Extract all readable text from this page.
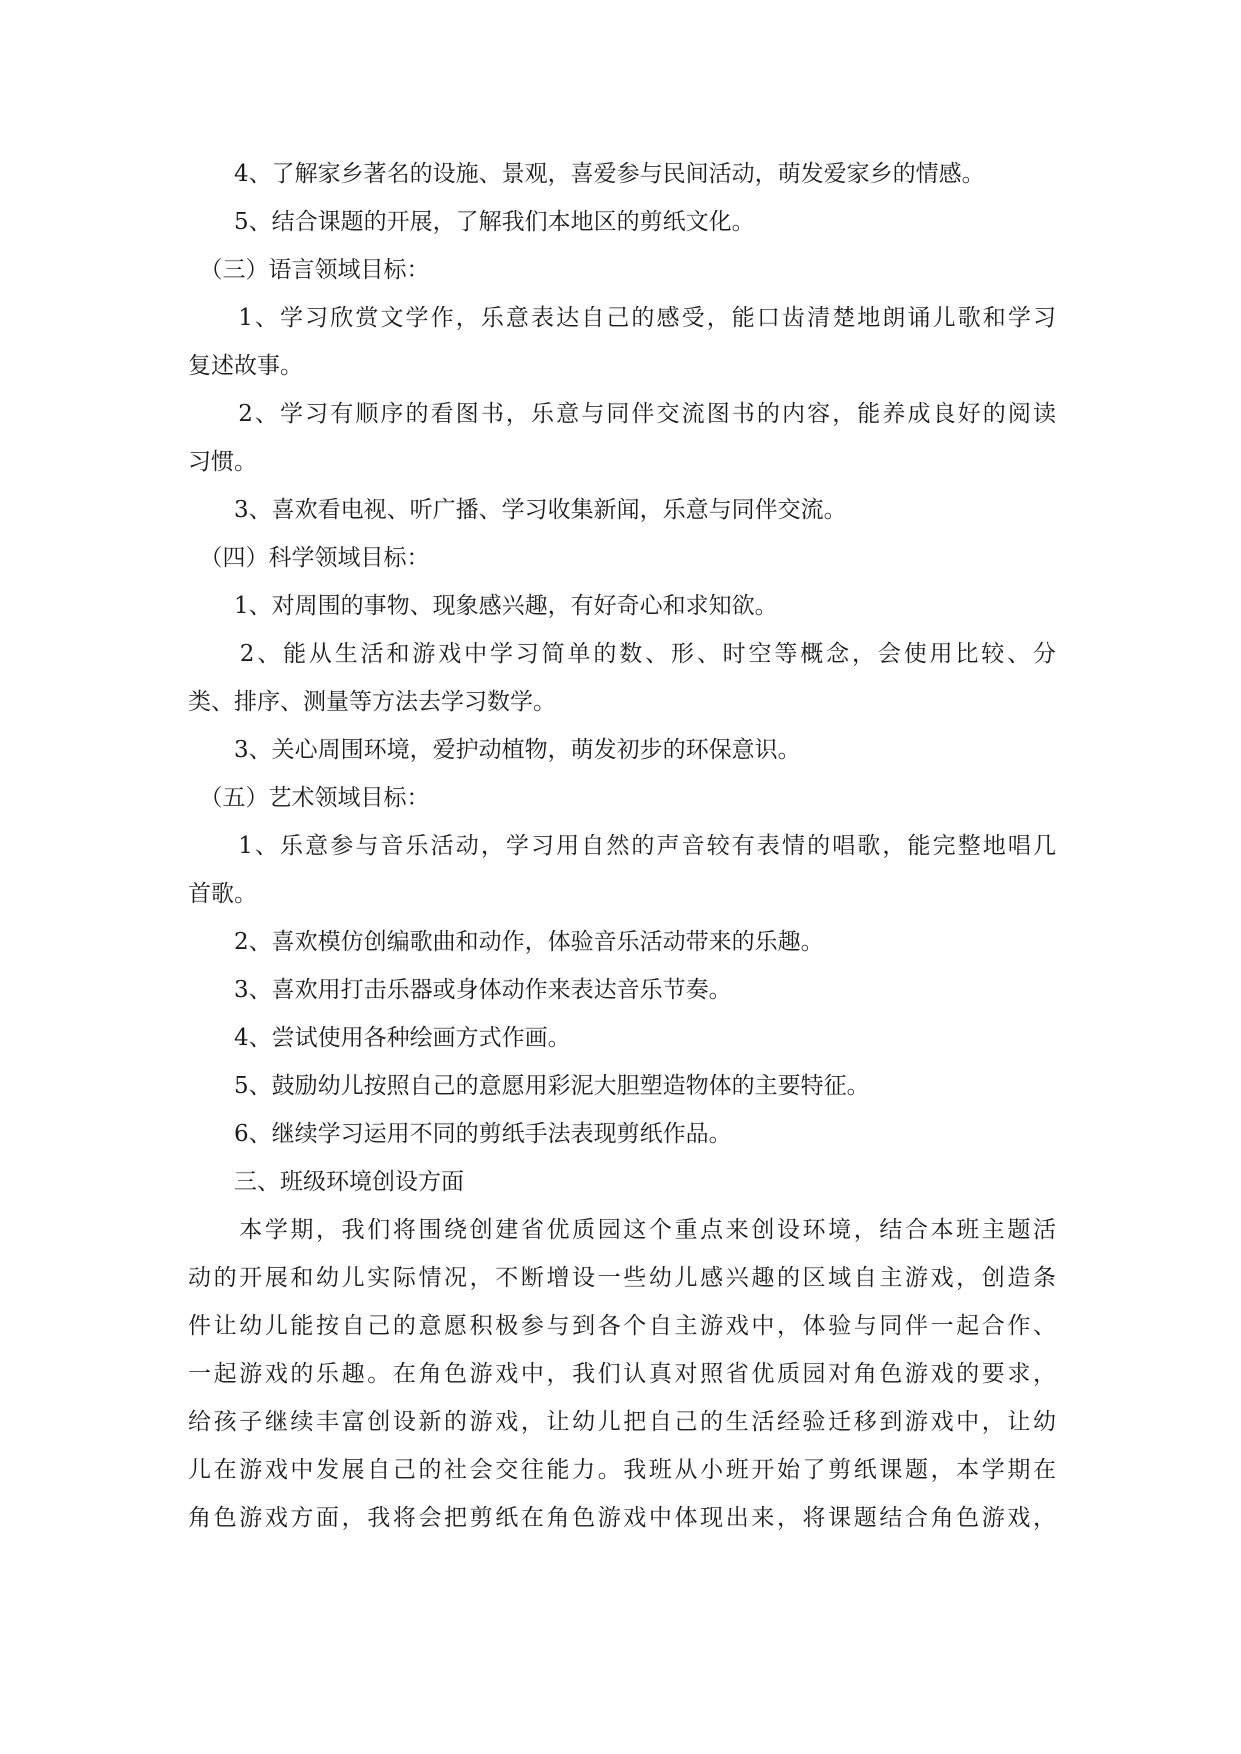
　　4、了解家乡著名的设施、景观，喜爱参与民间活动，萌发爱家乡的情感。
　　5、结合课题的开展，了解我们本地区的剪纸文化。
　（三）语言领域目标：
　　1、学习欣赏文学作，乐意表达自己的感受，能口齿清楚地朗诵儿歌和学习
复述故事。
　　2、学习有顺序的看图书，乐意与同伴交流图书的内容，能养成良好的阅读
习惯。
　　3、喜欢看电视、听广播、学习收集新闻，乐意与同伴交流。
　（四）科学领域目标：
　　1、对周围的事物、现象感兴趣，有好奇心和求知欲。
　　2、能从生活和游戏中学习简单的数、形、时空等概念，会使用比较、分
类、排序、测量等方法去学习数学。
　　3、关心周围环境，爱护动植物，萌发初步的环保意识。
　（五）艺术领域目标：
　　1、乐意参与音乐活动，学习用自然的声音较有表情的唱歌，能完整地唱几
首歌。
　　2、喜欢模仿创编歌曲和动作，体验音乐活动带来的乐趣。
　　3、喜欢用打击乐器或身体动作来表达音乐节奏。
　　4、尝试使用各种绘画方式作画。
　　5、鼓励幼儿按照自己的意愿用彩泥大胆塑造物体的主要特征。
　　6、继续学习运用不同的剪纸手法表现剪纸作品。
　　三、班级环境创设方面
　　本学期，我们将围绕创建省优质园这个重点来创设环境，结合本班主题活
动的开展和幼儿实际情况，不断增设一些幼儿感兴趣的区域自主游戏，创造条
件让幼儿能按自己的意愿积极参与到各个自主游戏中，体验与同伴一起合作、
一起游戏的乐趣。在角色游戏中，我们认真对照省优质园对角色游戏的要求，
给孩子继续丰富创设新的游戏，让幼儿把自己的生活经验迁移到游戏中，让幼
儿在游戏中发展自己的社会交往能力。我班从小班开始了剪纸课题，本学期在
角色游戏方面，我将会把剪纸在角色游戏中体现出来，将课题结合角色游戏，
